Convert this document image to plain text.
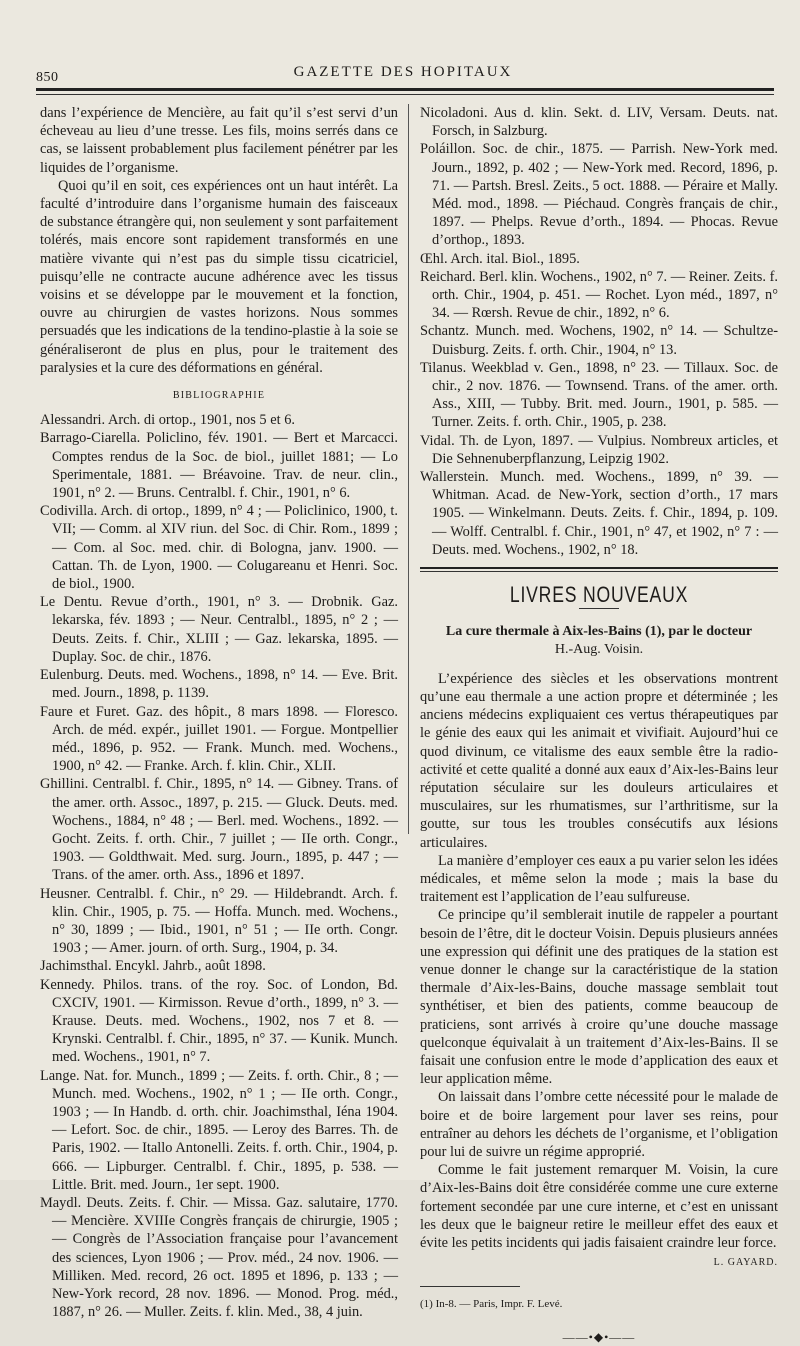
850	GAZETTE DES HOPITAUX

dans l’expérience de Mencière, au fait qu’il s’est servi d’un écheveau au lieu d’une tresse. Les fils, moins serrés dans ce cas, se laissent probablement plus facilement pénétrer par les liquides de l’organisme.

Quoi qu’il en soit, ces expériences ont un haut intérêt. La faculté d’introduire dans l’organisme humain des faisceaux de substance étrangère qui, non seulement y sont parfaitement tolérés, mais encore sont rapidement transformés en une matière vivante qui n’est pas du simple tissu cicatriciel, puisqu’elle ne contracte aucune adhérence avec les tissus voisins et se développe par le mouvement et la fonction, ouvre au chirurgien de vastes horizons. Nous sommes persuadés que les indications de la tendino-plastie à la soie se généraliseront de plus en plus, pour le traitement des paralysies et la cure des déformations en général.

BIBLIOGRAPHIE

Alessandri. Arch. di ortop., 1901, nos 5 et 6.

Barrago-Ciarella. Policlino, fév. 1901. — Bert et Marcacci. Comptes rendus de la Soc. de biol., juillet 1881; — Lo Sperimentale, 1881. — Bréavoine. Trav. de neur. clin., 1901, n° 2. — Bruns. Centralbl. f. Chir., 1901, n° 6.

Codivilla. Arch. di ortop., 1899, n° 4 ; — Policlinico, 1900, t. VII; — Comm. al XIV riun. del Soc. di Chir. Rom., 1899 ; — Com. al Soc. med. chir. di Bologna, janv. 1900. — Cattan. Th. de Lyon, 1900. — Colugareanu et Henri. Soc. de biol., 1900.

Le Dentu. Revue d’orth., 1901, n° 3. — Drobnik. Gaz. lekarska, fév. 1893 ; — Neur. Centralbl., 1895, n° 2 ; — Deuts. Zeits. f. Chir., XLIII ; — Gaz. lekarska, 1895. — Duplay. Soc. de chir., 1876.

Eulenburg. Deuts. med. Wochens., 1898, n° 14. — Eve. Brit. med. Journ., 1898, p. 1139.

Faure et Furet. Gaz. des hôpit., 8 mars 1898. — Floresco. Arch. de méd. expér., juillet 1901. — Forgue. Montpellier méd., 1896, p. 952. — Frank. Munch. med. Wochens., 1900, n° 42. — Franke. Arch. f. klin. Chir., XLII.

Ghillini. Centralbl. f. Chir., 1895, n° 14. — Gibney. Trans. of the amer. orth. Assoc., 1897, p. 215. — Gluck. Deuts. med. Wochens., 1884, n° 48 ; — Berl. med. Wochens., 1892. — Gocht. Zeits. f. orth. Chir., 7 juillet ; — IIe orth. Congr., 1903. — Goldthwait. Med. surg. Journ., 1895, p. 447 ; — Trans. of the amer. orth. Ass., 1896 et 1897.

Heusner. Centralbl. f. Chir., n° 29. — Hildebrandt. Arch. f. klin. Chir., 1905, p. 75. — Hoffa. Munch. med. Wochens., n° 30, 1899 ; — Ibid., 1901, n° 51 ; — IIe orth. Congr. 1903 ; — Amer. journ. of orth. Surg., 1904, p. 34.

Jachimsthal. Encykl. Jahrb., août 1898.

Kennedy. Philos. trans. of the roy. Soc. of London, Bd. CXCIV, 1901. — Kirmisson. Revue d’orth., 1899, n° 3. — Krause. Deuts. med. Wochens., 1902, nos 7 et 8. — Krynski. Centralbl. f. Chir., 1895, n° 37. — Kunik. Munch. med. Wochens., 1901, n° 7.

Lange. Nat. for. Munch., 1899 ; — Zeits. f. orth. Chir., 8 ; — Munch. med. Wochens., 1902, n° 1 ; — IIe orth. Congr., 1903 ; — In Handb. d. orth. chir. Joachimsthal, Iéna 1904. — Lefort. Soc. de chir., 1895. — Leroy des Barres. Th. de Paris, 1902. — Itallo Antonelli. Zeits. f. orth. Chir., 1904, p. 666. — Lipburger. Centralbl. f. Chir., 1895, p. 538. — Little. Brit. med. Journ., 1er sept. 1900.

Maydl. Deuts. Zeits. f. Chir. — Missa. Gaz. salutaire, 1770. — Mencière. XVIIIe Congrès français de chirurgie, 1905 ; — Congrès de l’Association française pour l’avancement des sciences, Lyon 1906 ; — Prov. méd., 24 nov. 1906. — Milliken. Med. record, 26 oct. 1895 et 1896, p. 133 ; — New-York record, 28 nov. 1896. — Monod. Prog. méd., 1887, n° 26. — Muller. Zeits. f. klin. Med., 38, 4 juin.

Nicoladoni. Aus d. klin. Sekt. d. LIV, Versam. Deuts. nat. Forsch, in Salzburg.

Poláillon. Soc. de chir., 1875. — Parrish. New-York med. Journ., 1892, p. 402 ; — New-York med. Record, 1896, p. 71. — Partsh. Bresl. Zeits., 5 oct. 1888. — Péraire et Mally. Méd. mod., 1898. — Piéchaud. Congrès français de chir., 1897. — Phelps. Revue d’orth., 1894. — Phocas. Revue d’orthop., 1893.

Œhl. Arch. ital. Biol., 1895.

Reichard. Berl. klin. Wochens., 1902, n° 7. — Reiner. Zeits. f. orth. Chir., 1904, p. 451. — Rochet. Lyon méd., 1897, n° 34. — Rœrsh. Revue de chir., 1892, n° 6.

Schantz. Munch. med. Wochens, 1902, n° 14. — Schultze-Duisburg. Zeits. f. orth. Chir., 1904, n° 13.

Tilanus. Weekblad v. Gen., 1898, n° 23. — Tillaux. Soc. de chir., 2 nov. 1876. — Townsend. Trans. of the amer. orth. Ass., XIII, — Tubby. Brit. med. Journ., 1901, p. 585. — Turner. Zeits. f. orth. Chir., 1905, p. 238.

Vidal. Th. de Lyon, 1897. — Vulpius. Nombreux articles, et Die Sehnenuberpflanzung, Leipzig 1902.

Wallerstein. Munch. med. Wochens., 1899, n° 39. — Whitman. Acad. de New-York, section d’orth., 17 mars 1905. — Winkelmann. Deuts. Zeits. f. Chir., 1894, p. 109. — Wolff. Centralbl. f. Chir., 1901, n° 47, et 1902, n° 7 : — Deuts. med. Wochens., 1902, n° 18.

LIVRES NOUVEAUX
La cure thermale à Aix-les-Bains (1), par le docteur
H.-Aug. Voisin.

L’expérience des siècles et les observations montrent qu’une eau thermale a une action propre et déterminée ; les anciens médecins expliquaient ces vertus thérapeutiques par le génie des eaux qui les animait et vivifiait. Aujourd’hui ce quod divinum, ce vitalisme des eaux semble être la radio-activité et cette qualité a donné aux eaux d’Aix-les-Bains leur réputation séculaire sur les douleurs articulaires et musculaires, sur les rhumatismes, sur l’arthritisme, sur la goutte, sur tous les troubles consécutifs aux lésions articulaires.

La manière d’employer ces eaux a pu varier selon les idées médicales, et même selon la mode ; mais la base du traitement est l’application de l’eau sulfureuse.

Ce principe qu’il semblerait inutile de rappeler a pourtant besoin de l’être, dit le docteur Voisin. Depuis plusieurs années une expression qui définit une des pratiques de la station est venue donner le change sur la caractéristique de la station thermale d’Aix-les-Bains, douche massage semblait tout synthétiser, et bien des patients, comme beaucoup de praticiens, sont arrivés à croire qu’une douche massage quelconque équivalait à un traitement d’Aix-les-Bains. Il se faisait une confusion entre le mode d’application des eaux et leur application même.

On laissait dans l’ombre cette nécessité pour le malade de boire et de boire largement pour laver ses reins, pour entraîner au dehors les déchets de l’organisme, et l’obligation pour lui de suivre un régime approprié.

Comme le fait justement remarquer M. Voisin, la cure d’Aix-les-Bains doit être considérée comme une cure externe fortement secondée par une cure interne, et c’est en unissant les deux que le baigneur retire le meilleur effet des eaux et évite les petits incidents qui jadis faisaient craindre leur force.

L. GAYARD.

(1) In-8. — Paris, Impr. F. Levé.

——•◆•——
